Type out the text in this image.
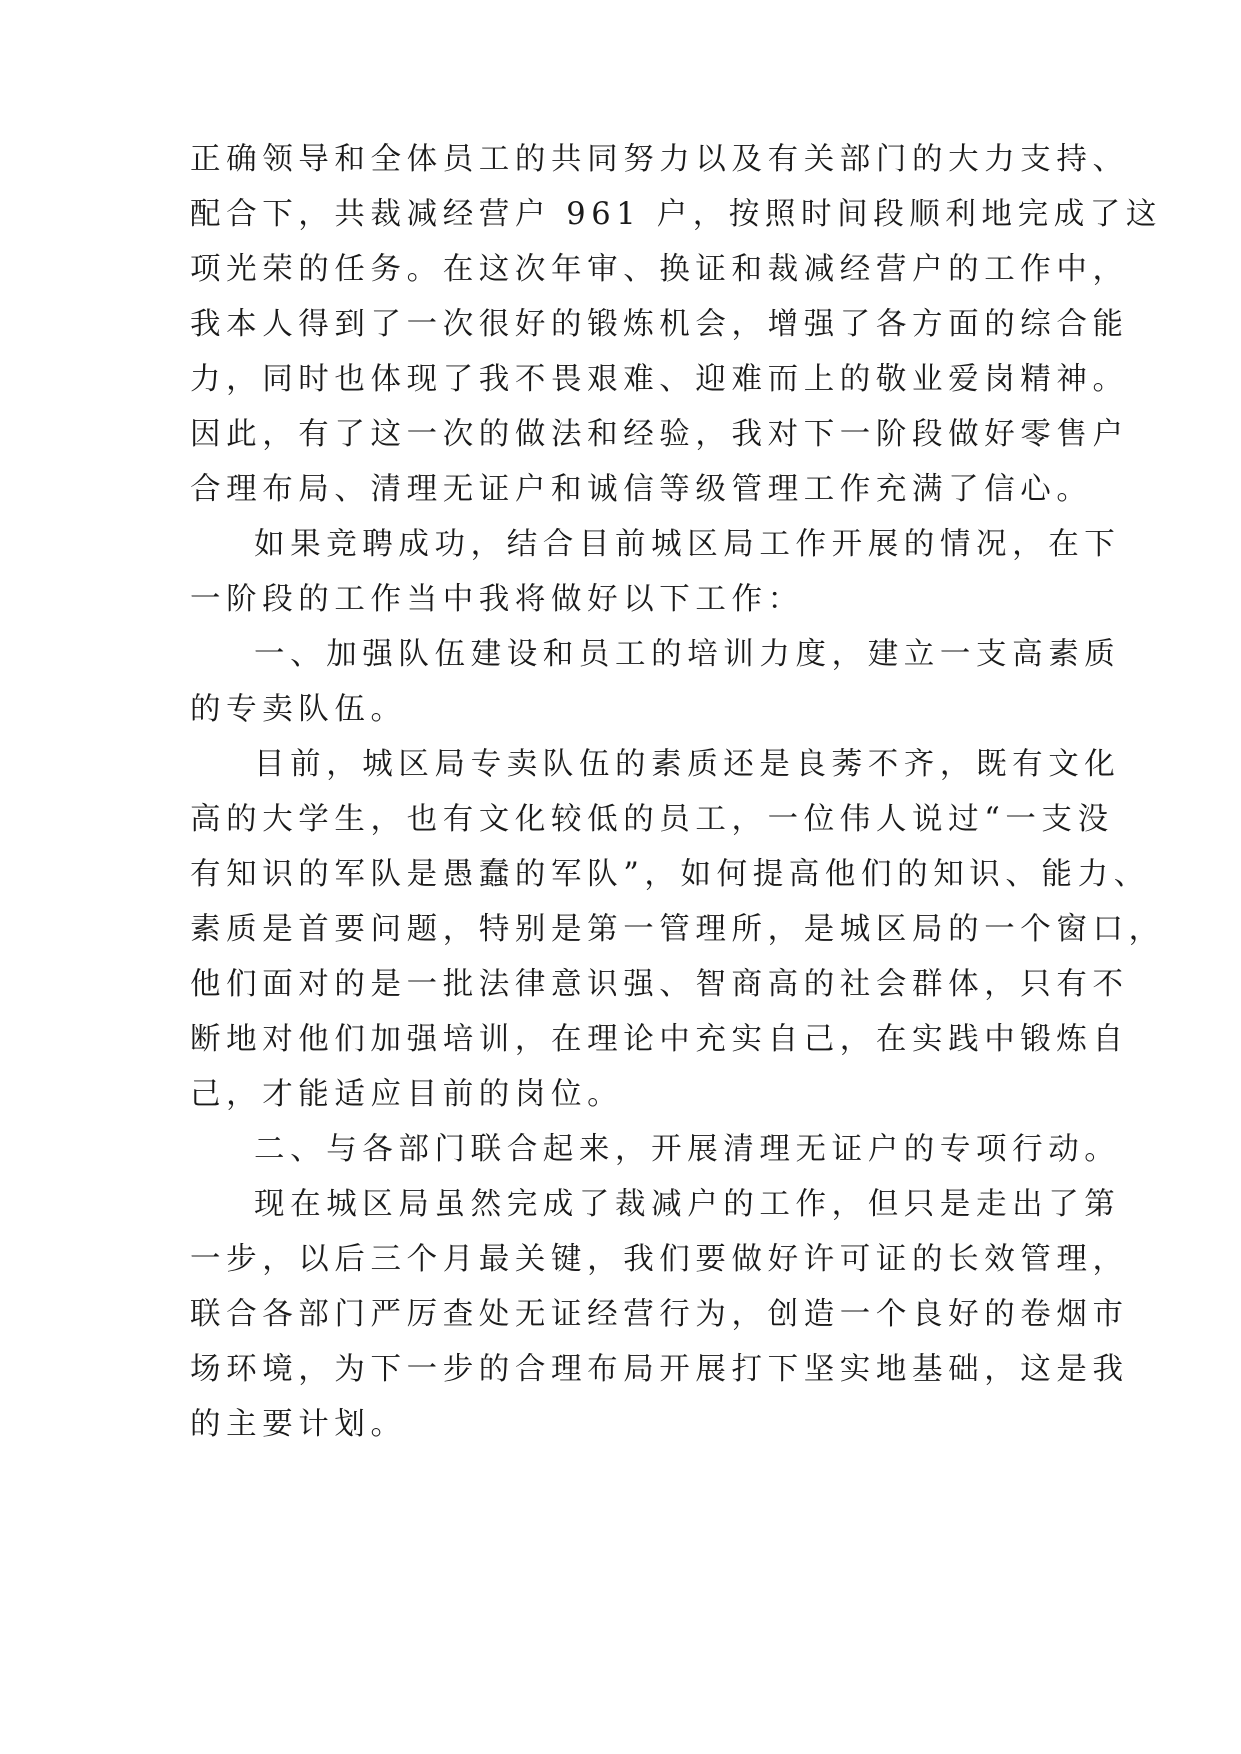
正确领导和全体员工的共同努力以及有关部门的大力支持、
配合下，共裁减经营户 961 户，按照时间段顺利地完成了这
项光荣的任务。在这次年审、换证和裁减经营户的工作中，
我本人得到了一次很好的锻炼机会，增强了各方面的综合能
力，同时也体现了我不畏艰难、迎难而上的敬业爱岗精神。
因此，有了这一次的做法和经验，我对下一阶段做好零售户
合理布局、清理无证户和诚信等级管理工作充满了信心。
如果竞聘成功，结合目前城区局工作开展的情况，在下
一阶段的工作当中我将做好以下工作：
一、加强队伍建设和员工的培训力度，建立一支高素质
的专卖队伍。
目前，城区局专卖队伍的素质还是良莠不齐，既有文化
高的大学生，也有文化较低的员工，一位伟人说过“一支没
有知识的军队是愚蠢的军队”，如何提高他们的知识、能力、
素质是首要问题，特别是第一管理所，是城区局的一个窗口，
他们面对的是一批法律意识强、智商高的社会群体，只有不
断地对他们加强培训，在理论中充实自己，在实践中锻炼自
己，才能适应目前的岗位。
二、与各部门联合起来，开展清理无证户的专项行动。
现在城区局虽然完成了裁减户的工作，但只是走出了第
一步，以后三个月最关键，我们要做好许可证的长效管理，
联合各部门严厉查处无证经营行为，创造一个良好的卷烟市
场环境，为下一步的合理布局开展打下坚实地基础，这是我
的主要计划。
